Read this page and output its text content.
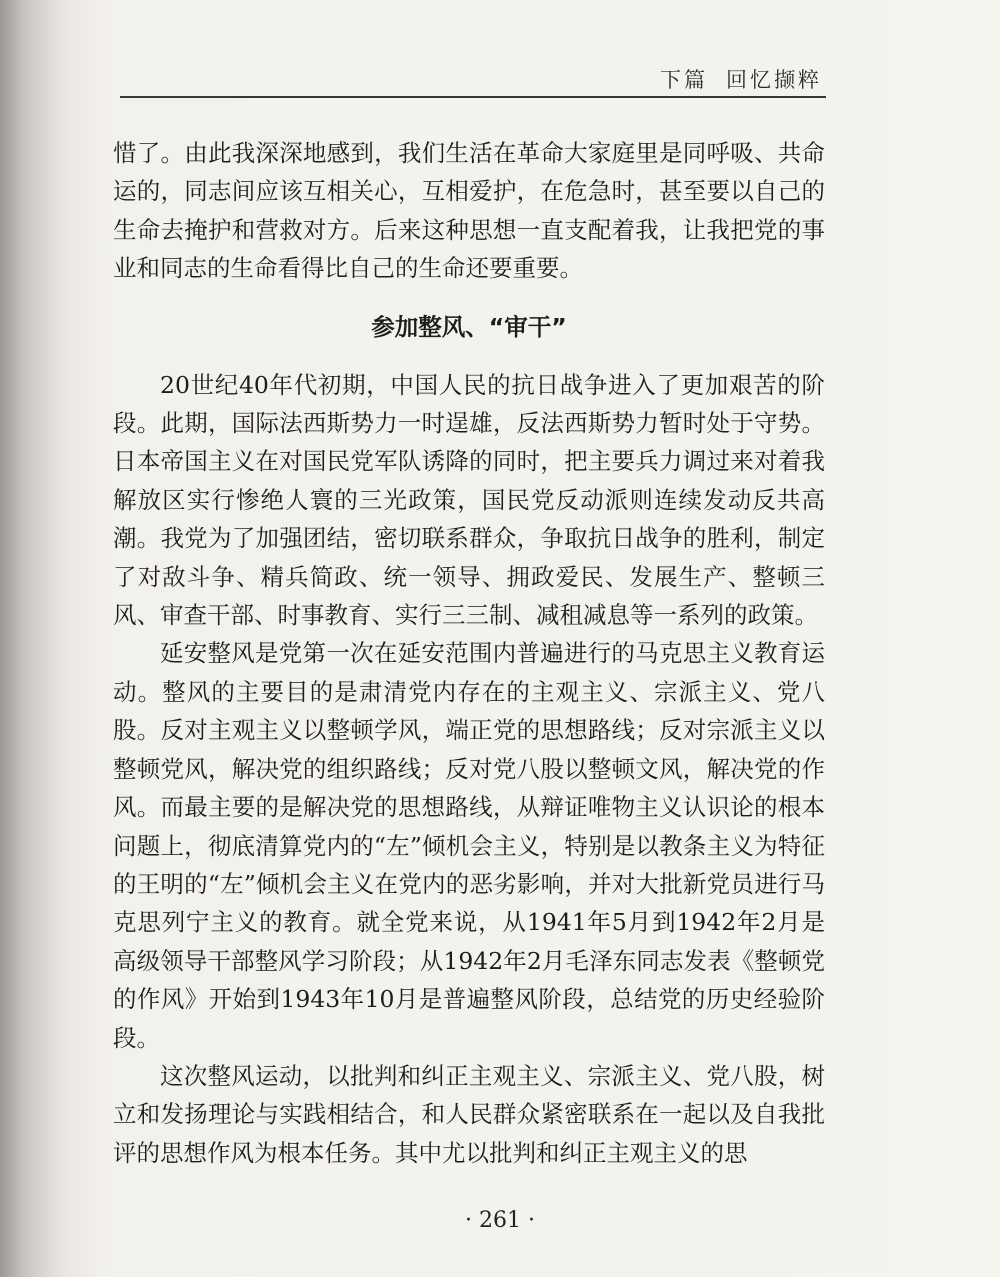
下篇 回忆撷粹

惜了。由此我深深地感到，我们生活在革命大家庭里是同呼吸、共命运的，同志间应该互相关心，互相爱护，在危急时，甚至要以自己的生命去掩护和营救对方。后来这种思想一直支配着我，让我把党的事业和同志的生命看得比自己的生命还要重要。

参加整风、“审干”

20世纪40年代初期，中国人民的抗日战争进入了更加艰苦的阶段。此期，国际法西斯势力一时逞雄，反法西斯势力暂时处于守势。日本帝国主义在对国民党军队诱降的同时，把主要兵力调过来对着我解放区实行惨绝人寰的三光政策，国民党反动派则连续发动反共高潮。我党为了加强团结，密切联系群众，争取抗日战争的胜利，制定了对敌斗争、精兵简政、统一领导、拥政爱民、发展生产、整顿三风、审查干部、时事教育、实行三三制、减租减息等一系列的政策。

延安整风是党第一次在延安范围内普遍进行的马克思主义教育运动。整风的主要目的是肃清党内存在的主观主义、宗派主义、党八股。反对主观主义以整顿学风，端正党的思想路线；反对宗派主义以整顿党风，解决党的组织路线；反对党八股以整顿文风，解决党的作风。而最主要的是解决党的思想路线，从辩证唯物主义认识论的根本问题上，彻底清算党内的“左”倾机会主义，特别是以教条主义为特征的王明的“左”倾机会主义在党内的恶劣影响，并对大批新党员进行马克思列宁主义的教育。就全党来说，从1941年5月到1942年2月是高级领导干部整风学习阶段；从1942年2月毛泽东同志发表《整顿党的作风》开始到1943年10月是普遍整风阶段，总结党的历史经验阶段。

这次整风运动，以批判和纠正主观主义、宗派主义、党八股，树立和发扬理论与实践相结合，和人民群众紧密联系在一起以及自我批评的思想作风为根本任务。其中尤以批判和纠正主观主义的思

· 261 ·
